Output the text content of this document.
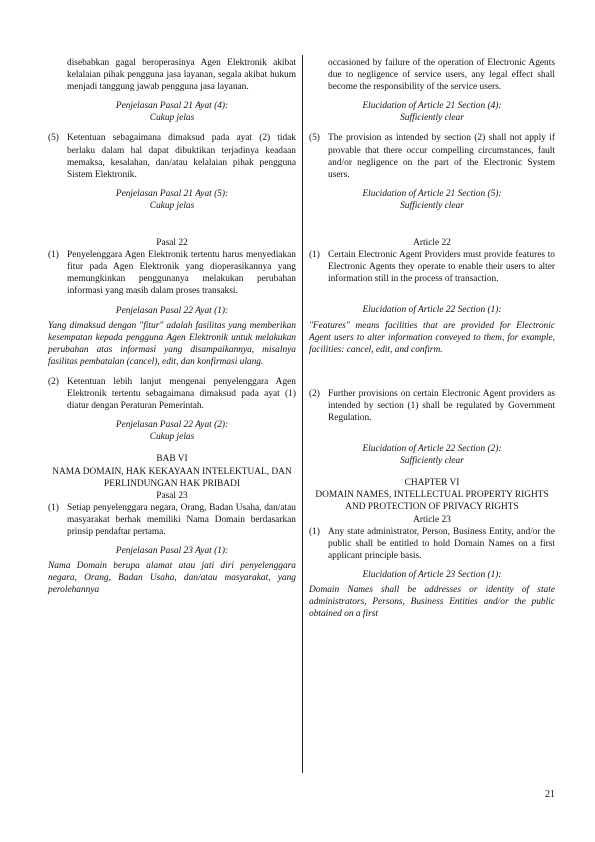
disebabkan gagal beroperasinya Agen Elektronik akibat kelalaian pihak pengguna jasa layanan, segala akibat hukum menjadi tanggung jawab pengguna jasa layanan.
Penjelasan Pasal 21 Ayat (4):
Cukup jelas
(5) Ketentuan sebagaimana dimaksud pada ayat (2) tidak berlaku dalam hal dapat dibuktikan terjadinya keadaan memaksa, kesalahan, dan/atau kelalaian pihak pengguna Sistem Elektronik.
Penjelasan Pasal 21 Ayat (5):
Cukup jelas
Pasal 22
(1) Penyelenggara Agen Elektronik tertentu harus menyediakan fitur pada Agen Elektronik yang dioperasikannya yang memungkinkan penggunanya melakukan perubahan informasi yang masih dalam proses transaksi.
Penjelasan Pasal 22 Ayat (1):
Yang dimaksud dengan "fitur" adalah fasilitas yang memberikan kesempatan kepada pengguna Agen Elektronik untuk melakukan perubahan atas informasi yang disampaikannya, misalnya fasilitas pembatalan (cancel), edit, dan konfirmasi ulang.
(2) Ketentuan lebih lanjut mengenai penyelenggara Agen Elektronik tertentu sebagaimana dimaksud pada ayat (1) diatur dengan Peraturan Pemerintah.
Penjelasan Pasal 22 Ayat (2):
Cukup jelas
BAB VI
NAMA DOMAIN, HAK KEKAYAAN INTELEKTUAL, DAN PERLINDUNGAN HAK PRIBADI
Pasal 23
(1) Setiap penyelenggara negara, Orang, Badan Usaha, dan/atau masyarakat berhak memiliki Nama Domain berdasarkan prinsip pendaftar pertama.
Penjelasan Pasal 23 Ayat (1):
Nama Domain berupa alamat atau jati diri penyelenggara negara, Orang, Badan Usaha, dan/atau masyarakat, yang perolehannya
occasioned by failure of the operation of Electronic Agents due to negligence of service users, any legal effect shall become the responsibility of the service users.
Elucidation of Article 21 Section (4):
Sufficiently clear
(5) The provision as intended by section (2) shall not apply if provable that there occur compelling circumstances, fault and/or negligence on the part of the Electronic System users.
Elucidation of Article 21 Section (5):
Sufficiently clear
Article 22
(1) Certain Electronic Agent Providers must provide features to Electronic Agents they operate to enable their users to alter information still in the process of transaction.
Elucidation of Article 22 Section (1):
"Features" means facilities that are provided for Electronic Agent users to alter information conveyed to them, for example, facilities: cancel, edit, and confirm.
(2) Further provisions on certain Electronic Agent providers as intended by section (1) shall be regulated by Government Regulation.
Elucidation of Article 22 Section (2):
Sufficiently clear
CHAPTER VI
DOMAIN NAMES, INTELLECTUAL PROPERTY RIGHTS AND PROTECTION OF PRIVACY RIGHTS
Article 23
(1) Any state administrator, Person, Business Entity, and/or the public shall be entitled to hold Domain Names on a first applicant principle basis.
Elucidation of Article 23 Section (1):
Domain Names shall be addresses or identity of state administrators, Persons, Business Entities and/or the public obtained on a first
21
